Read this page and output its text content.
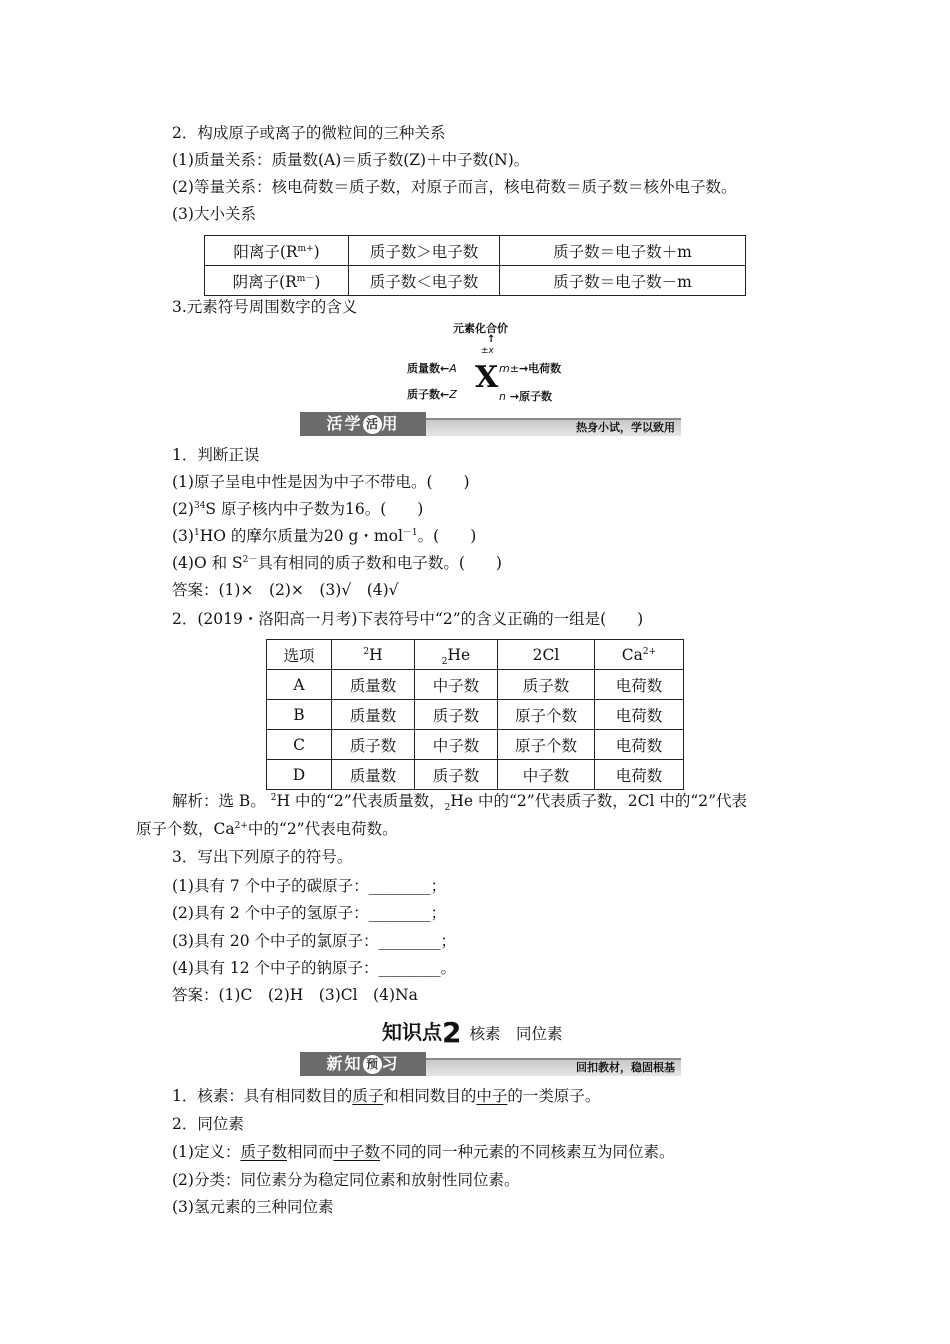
2．构成原子或离子的微粒间的三种关系
(1)质量关系：质量数(A)＝质子数(Z)＋中子数(N)。
(2)等量关系：核电荷数＝质子数，对原子而言，核电荷数＝质子数＝核外电子数。
(3)大小关系
阳离子$(R^{m+})$	质子数＞电子数	质子数＝电子数＋m
阴离子$(R^{m-})$	质子数＜电子数	质子数＝电子数－m
3.元素符号周围数字的含义
元素化合价
↑
±x
质量数←A
质子数←Z X m±→电荷数
n →原子数
活学 活 用	热身小试，学以致用
1．判断正误
(1)原子呈电中性是因为中子不带电。(　　)
$(2)^{34}S$ 原子核内中子数为16。(　　)
$(3)^1HO$ 的摩尔质量为20 g・mol$^{-1}$。(　　)
(4)O 和 $S^{2-}$具有相同的质子数和电子数。(　　)
答案：(1)×　(2)×　(3)√　(4)√
2．(2019・洛阳高一月考)下表符号中“2”的含义正确的一组是(　　)
选项	$^2$H	$_2$He	2Cl	$Ca^{2+}$
A	质量数	中子数	质子数	电荷数
B	质量数	质子数	原子个数	电荷数
C	质子数	中子数	原子个数	电荷数
D	质量数	质子数	中子数	电荷数
解析：选 B。 $^2$H 中的“2”代表质量数，$_2$He 中的“2”代表质子数，2Cl 中的“2”代表
原子个数，$Ca^{2+}$中的“2”代表电荷数。
3．写出下列原子的符号。
(1)具有 7 个中子的碳原子：________；
(2)具有 2 个中子的氢原子：________；
(3)具有 20 个中子的氯原子：________；
(4)具有 12 个中子的钠原子：________。
答案：(1)C　(2)H　(3)Cl　(4)Na
知识点2 核素　同位素
新知 预 习	回扣教材，稳固根基
1．核素：具有相同数目的质子和相同数目的中子的一类原子。
2．同位素
(1)定义：质子数相同而中子数不同的同一种元素的不同核素互为同位素。
(2)分类：同位素分为稳定同位素和放射性同位素。
(3)氢元素的三种同位素
